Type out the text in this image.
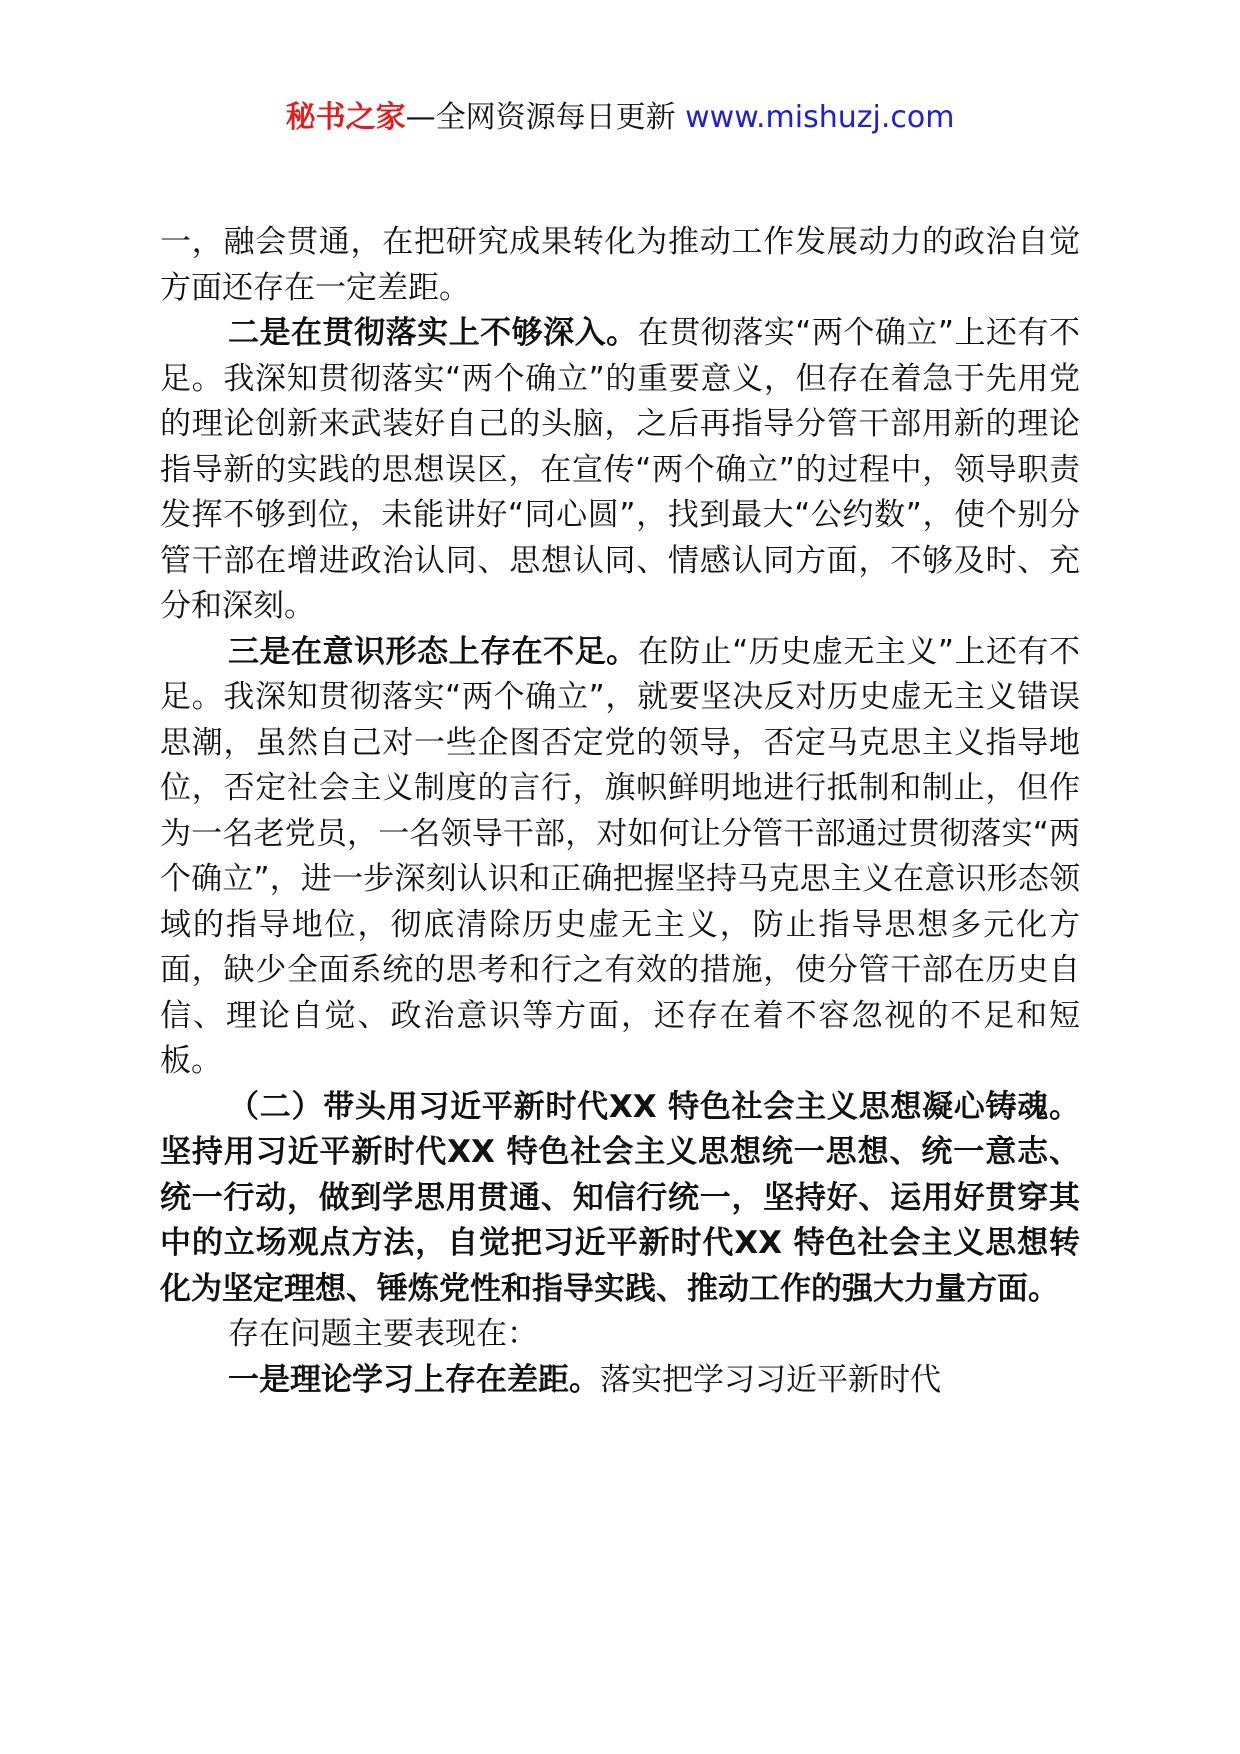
秘书之家—全网资源每日更新 www.mishuzj.com

一，融会贯通，在把研究成果转化为推动工作发展动力的政治自觉方面还存在一定差距。

二是在贯彻落实上不够深入。在贯彻落实“两个确立”上还有不足。我深知贯彻落实“两个确立”的重要意义，但存在着急于先用党的理论创新来武装好自己的头脑，之后再指导分管干部用新的理论指导新的实践的思想误区，在宣传“两个确立”的过程中，领导职责发挥不够到位，未能讲好“同心圆”，找到最大“公约数”，使个别分管干部在增进政治认同、思想认同、情感认同方面，不够及时、充分和深刻。

三是在意识形态上存在不足。在防止“历史虚无主义”上还有不足。我深知贯彻落实“两个确立”，就要坚决反对历史虚无主义错误思潮，虽然自己对一些企图否定党的领导，否定马克思主义指导地位，否定社会主义制度的言行，旗帜鲜明地进行抵制和制止，但作为一名老党员，一名领导干部，对如何让分管干部通过贯彻落实“两个确立”，进一步深刻认识和正确把握坚持马克思主义在意识形态领域的指导地位，彻底清除历史虚无主义，防止指导思想多元化方面，缺少全面系统的思考和行之有效的措施，使分管干部在历史自信、理论自觉、政治意识等方面，还存在着不容忽视的不足和短板。

（二）带头用习近平新时代XX 特色社会主义思想凝心铸魂。坚持用习近平新时代XX 特色社会主义思想统一思想、统一意志、统一行动，做到学思用贯通、知信行统一，坚持好、运用好贯穿其中的立场观点方法，自觉把习近平新时代XX 特色社会主义思想转化为坚定理想、锤炼党性和指导实践、推动工作的强大力量方面。

存在问题主要表现在：

一是理论学习上存在差距。落实把学习习近平新时代
